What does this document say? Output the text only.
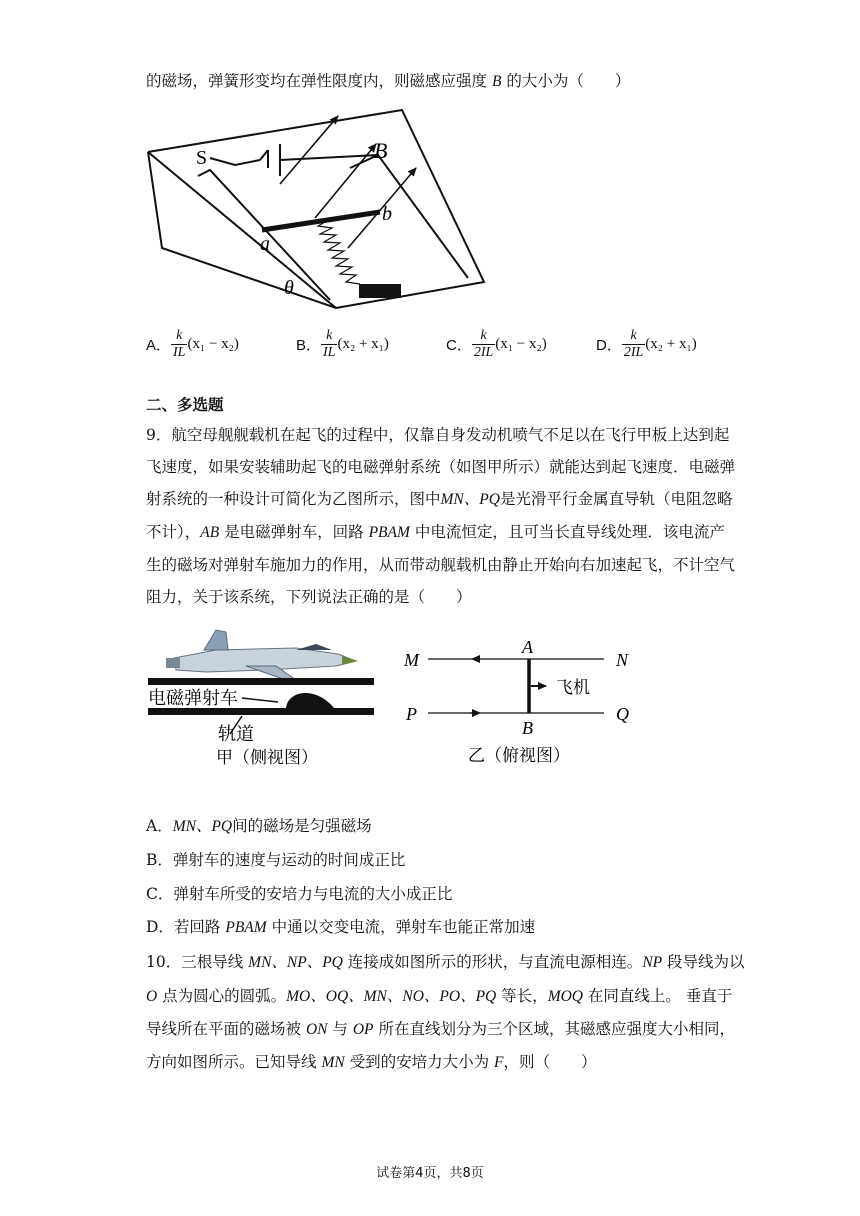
的磁场，弹簧形变均在弹性限度内，则磁感应强度 B 的大小为（　　）
S	B
a
b
θ
A． $\frac{k}{IL} (x_1 - x_2)$	B． $\frac{k}{IL} (x_2 + x_1)$	C． $\frac{k}{2IL} (x_1 - x_2)$	D． $\frac{k}{2IL} (x_2 + x_1)$
二、多选题
9．航空母舰舰载机在起飞的过程中，仅靠自身发动机喷气不足以在飞行甲板上达到起
飞速度，如果安装辅助起飞的电磁弹射系统（如图甲所示）就能达到起飞速度．电磁弹
射系统的一种设计可简化为乙图所示，图中MN、PQ是光滑平行金属直导轨（电阻忽略
不计），AB 是电磁弹射车，回路 PBAM 中电流恒定，且可当长直导线处理．该电流产
生的磁场对弹射车施加力的作用，从而带动舰载机由静止开始向右加速起飞，不计空气
阻力，关于该系统，下列说法正确的是（　　）
电磁弹射车
轨道
甲（侧视图）
M	N
A
B
P	Q
飞机
乙（俯视图）
A．MN、PQ间的磁场是匀强磁场
B．弹射车的速度与运动的时间成正比
C．弹射车所受的安培力与电流的大小成正比
D．若回路 PBAM 中通以交变电流，弹射车也能正常加速
10．三根导线 MN、NP、PQ 连接成如图所示的形状，与直流电源相连。NP 段导线为以
O 点为圆心的圆弧。MO、OQ、MN、NO、PO、PQ 等长，MOQ 在同直线上。 垂直于
导线所在平面的磁场被 ON 与 OP 所在直线划分为三个区域，其磁感应强度大小相同，
方向如图所示。已知导线 MN 受到的安培力大小为 F，则（　　）
试卷第4页，共8页
